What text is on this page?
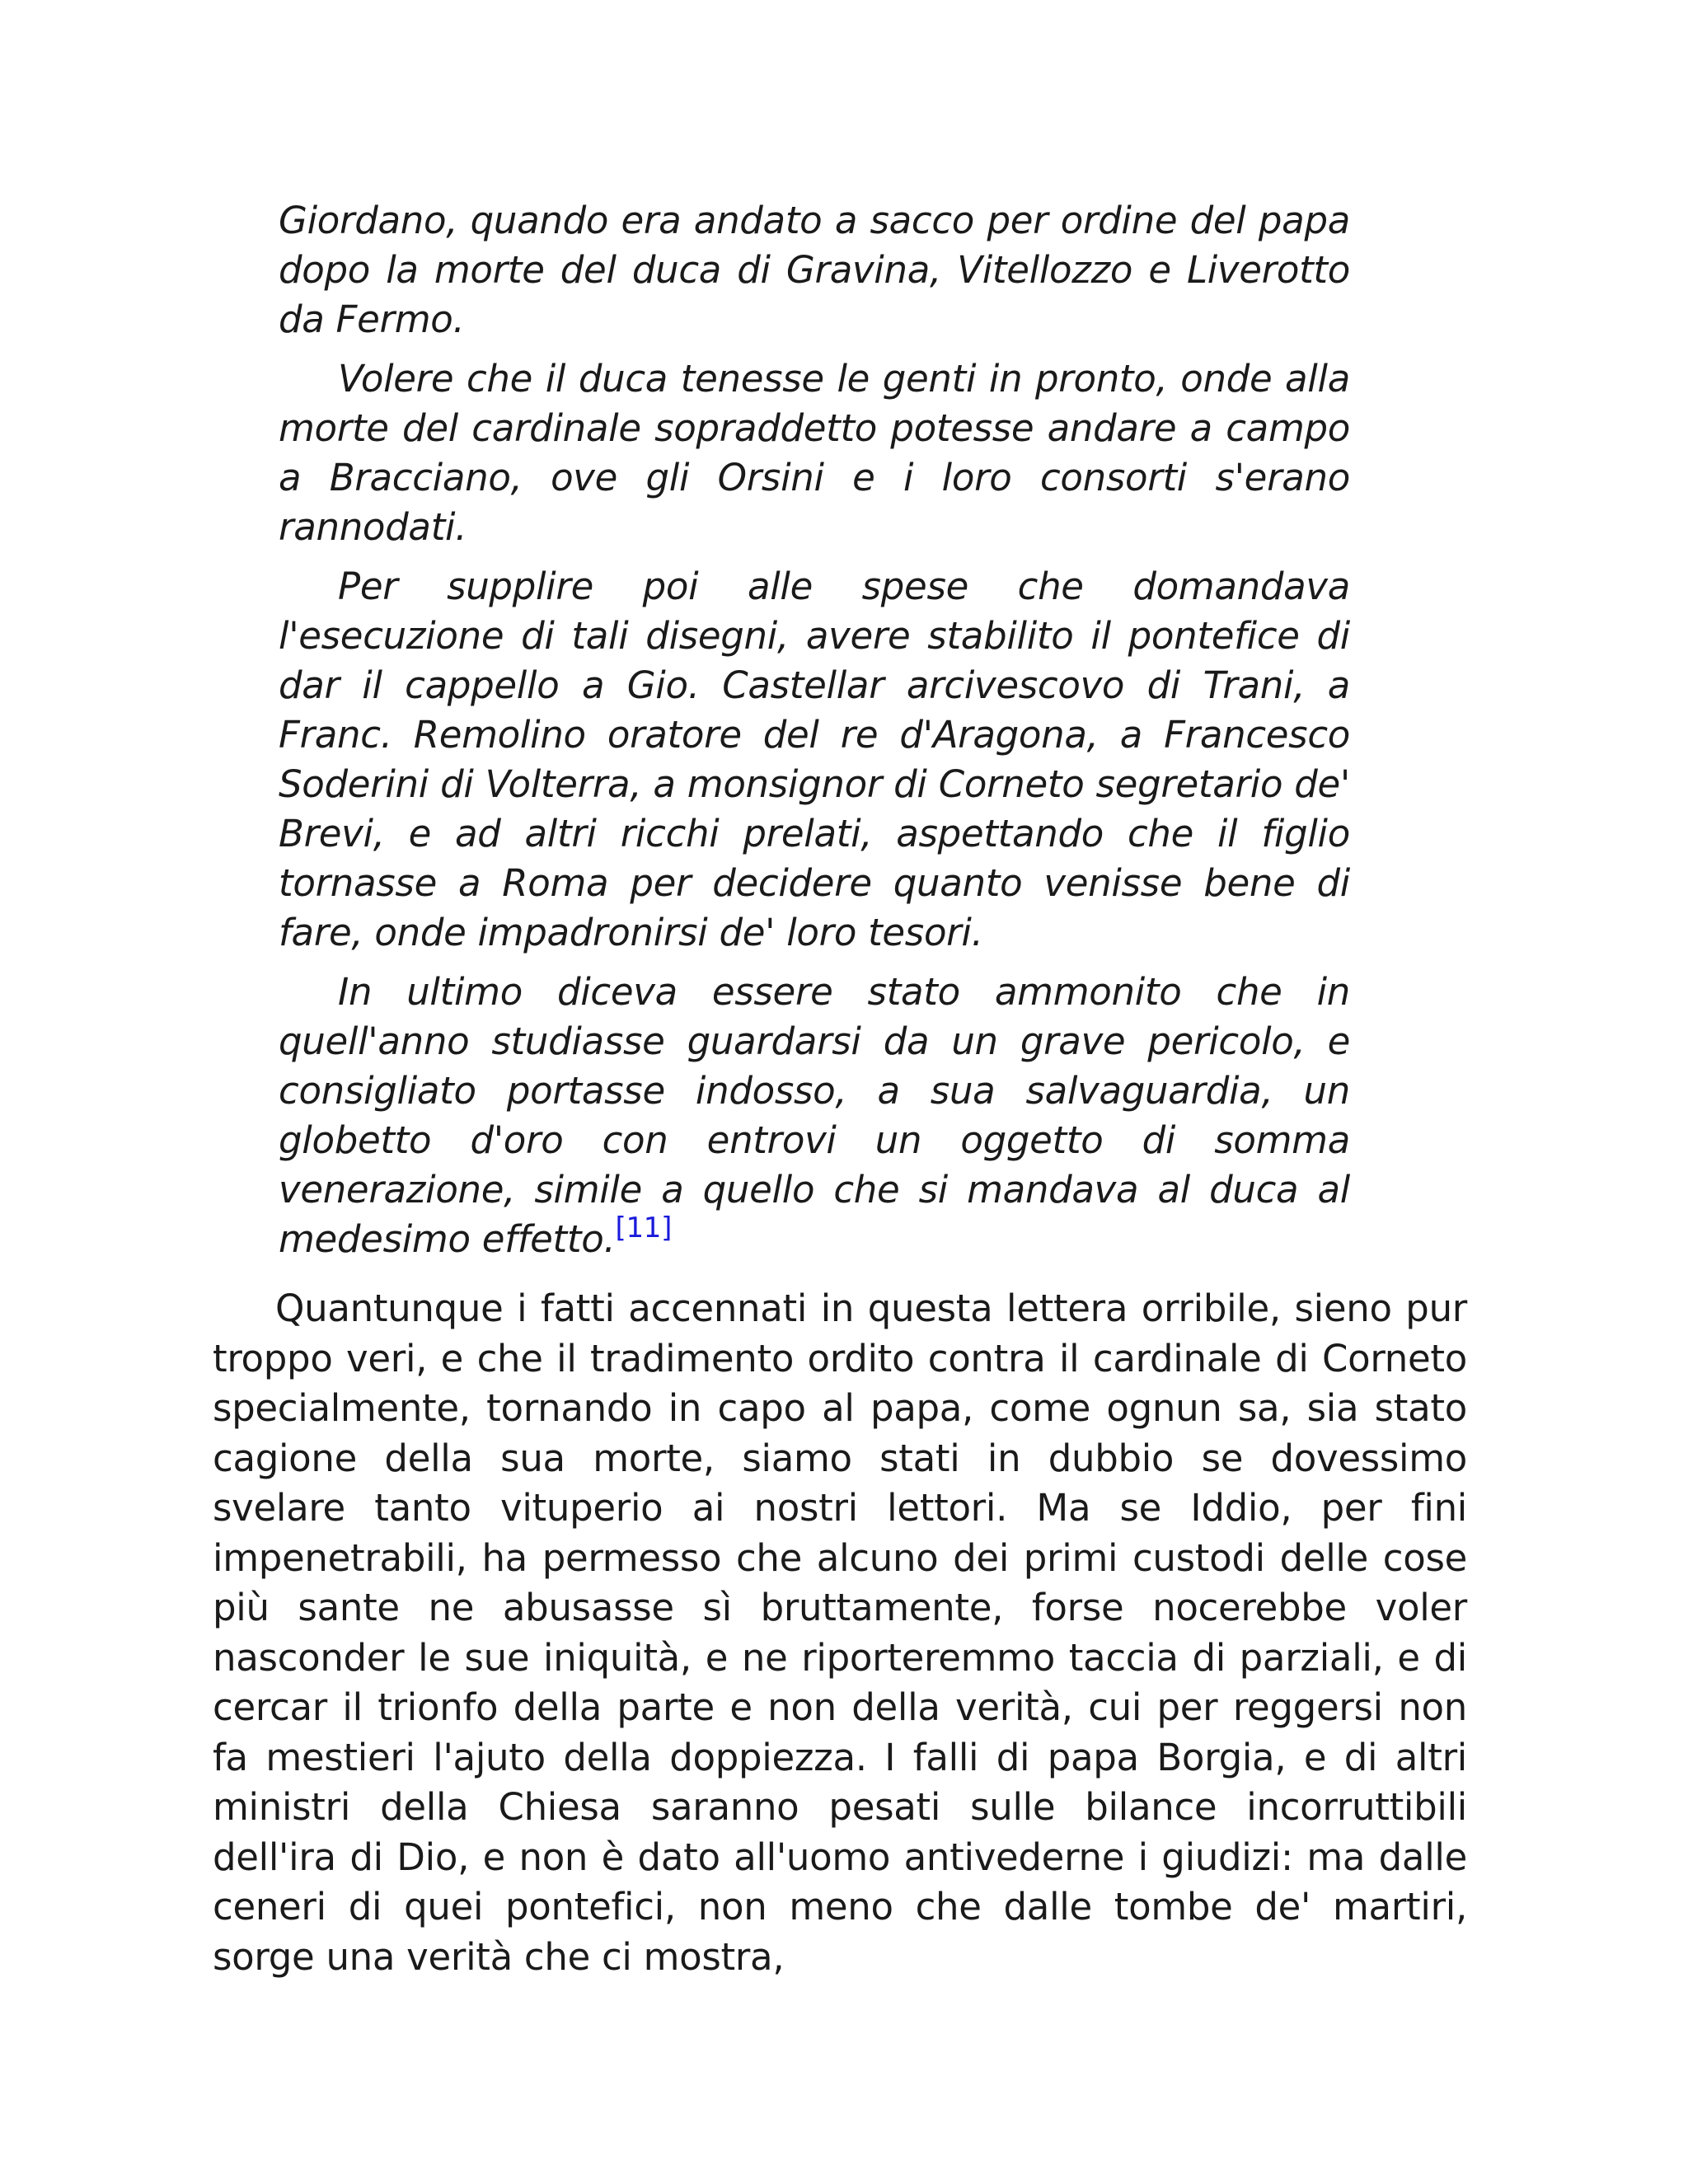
Giordano, quando era andato a sacco per ordine del papa dopo la morte del duca di Gravina, Vitellozzo e Liverotto da Fermo.

Volere che il duca tenesse le genti in pronto, onde alla morte del cardinale sopraddetto potesse andare a campo a Bracciano, ove gli Orsini e i loro consorti s'erano rannodati.

Per supplire poi alle spese che domandava l'esecuzione di tali disegni, avere stabilito il pontefice di dar il cappello a Gio. Castellar arcivescovo di Trani, a Franc. Remolino oratore del re d'Aragona, a Francesco Soderini di Volterra, a monsignor di Corneto segretario de' Brevi, e ad altri ricchi prelati, aspettando che il figlio tornasse a Roma per decidere quanto venisse bene di fare, onde impadronirsi de' loro tesori.

In ultimo diceva essere stato ammonito che in quell'anno studiasse guardarsi da un grave pericolo, e consigliato portasse indosso, a sua salvaguardia, un globetto d'oro con entrovi un oggetto di somma venerazione, simile a quello che si mandava al duca al medesimo effetto.[11]

Quantunque i fatti accennati in questa lettera orribile, sieno pur troppo veri, e che il tradimento ordito contra il cardinale di Corneto specialmente, tornando in capo al papa, come ognun sa, sia stato cagione della sua morte, siamo stati in dubbio se dovessimo svelare tanto vituperio ai nostri lettori. Ma se Iddio, per fini impenetrabili, ha permesso che alcuno dei primi custodi delle cose più sante ne abusasse sì bruttamente, forse nocerebbe voler nasconder le sue iniquità, e ne riporteremmo taccia di parziali, e di cercar il trionfo della parte e non della verità, cui per reggersi non fa mestieri l'ajuto della doppiezza. I falli di papa Borgia, e di altri ministri della Chiesa saranno pesati sulle bilance incorruttibili dell'ira di Dio, e non è dato all'uomo antivederne i giudizi: ma dalle ceneri di quei pontefici, non meno che dalle tombe de' martiri, sorge una verità che ci mostra,
